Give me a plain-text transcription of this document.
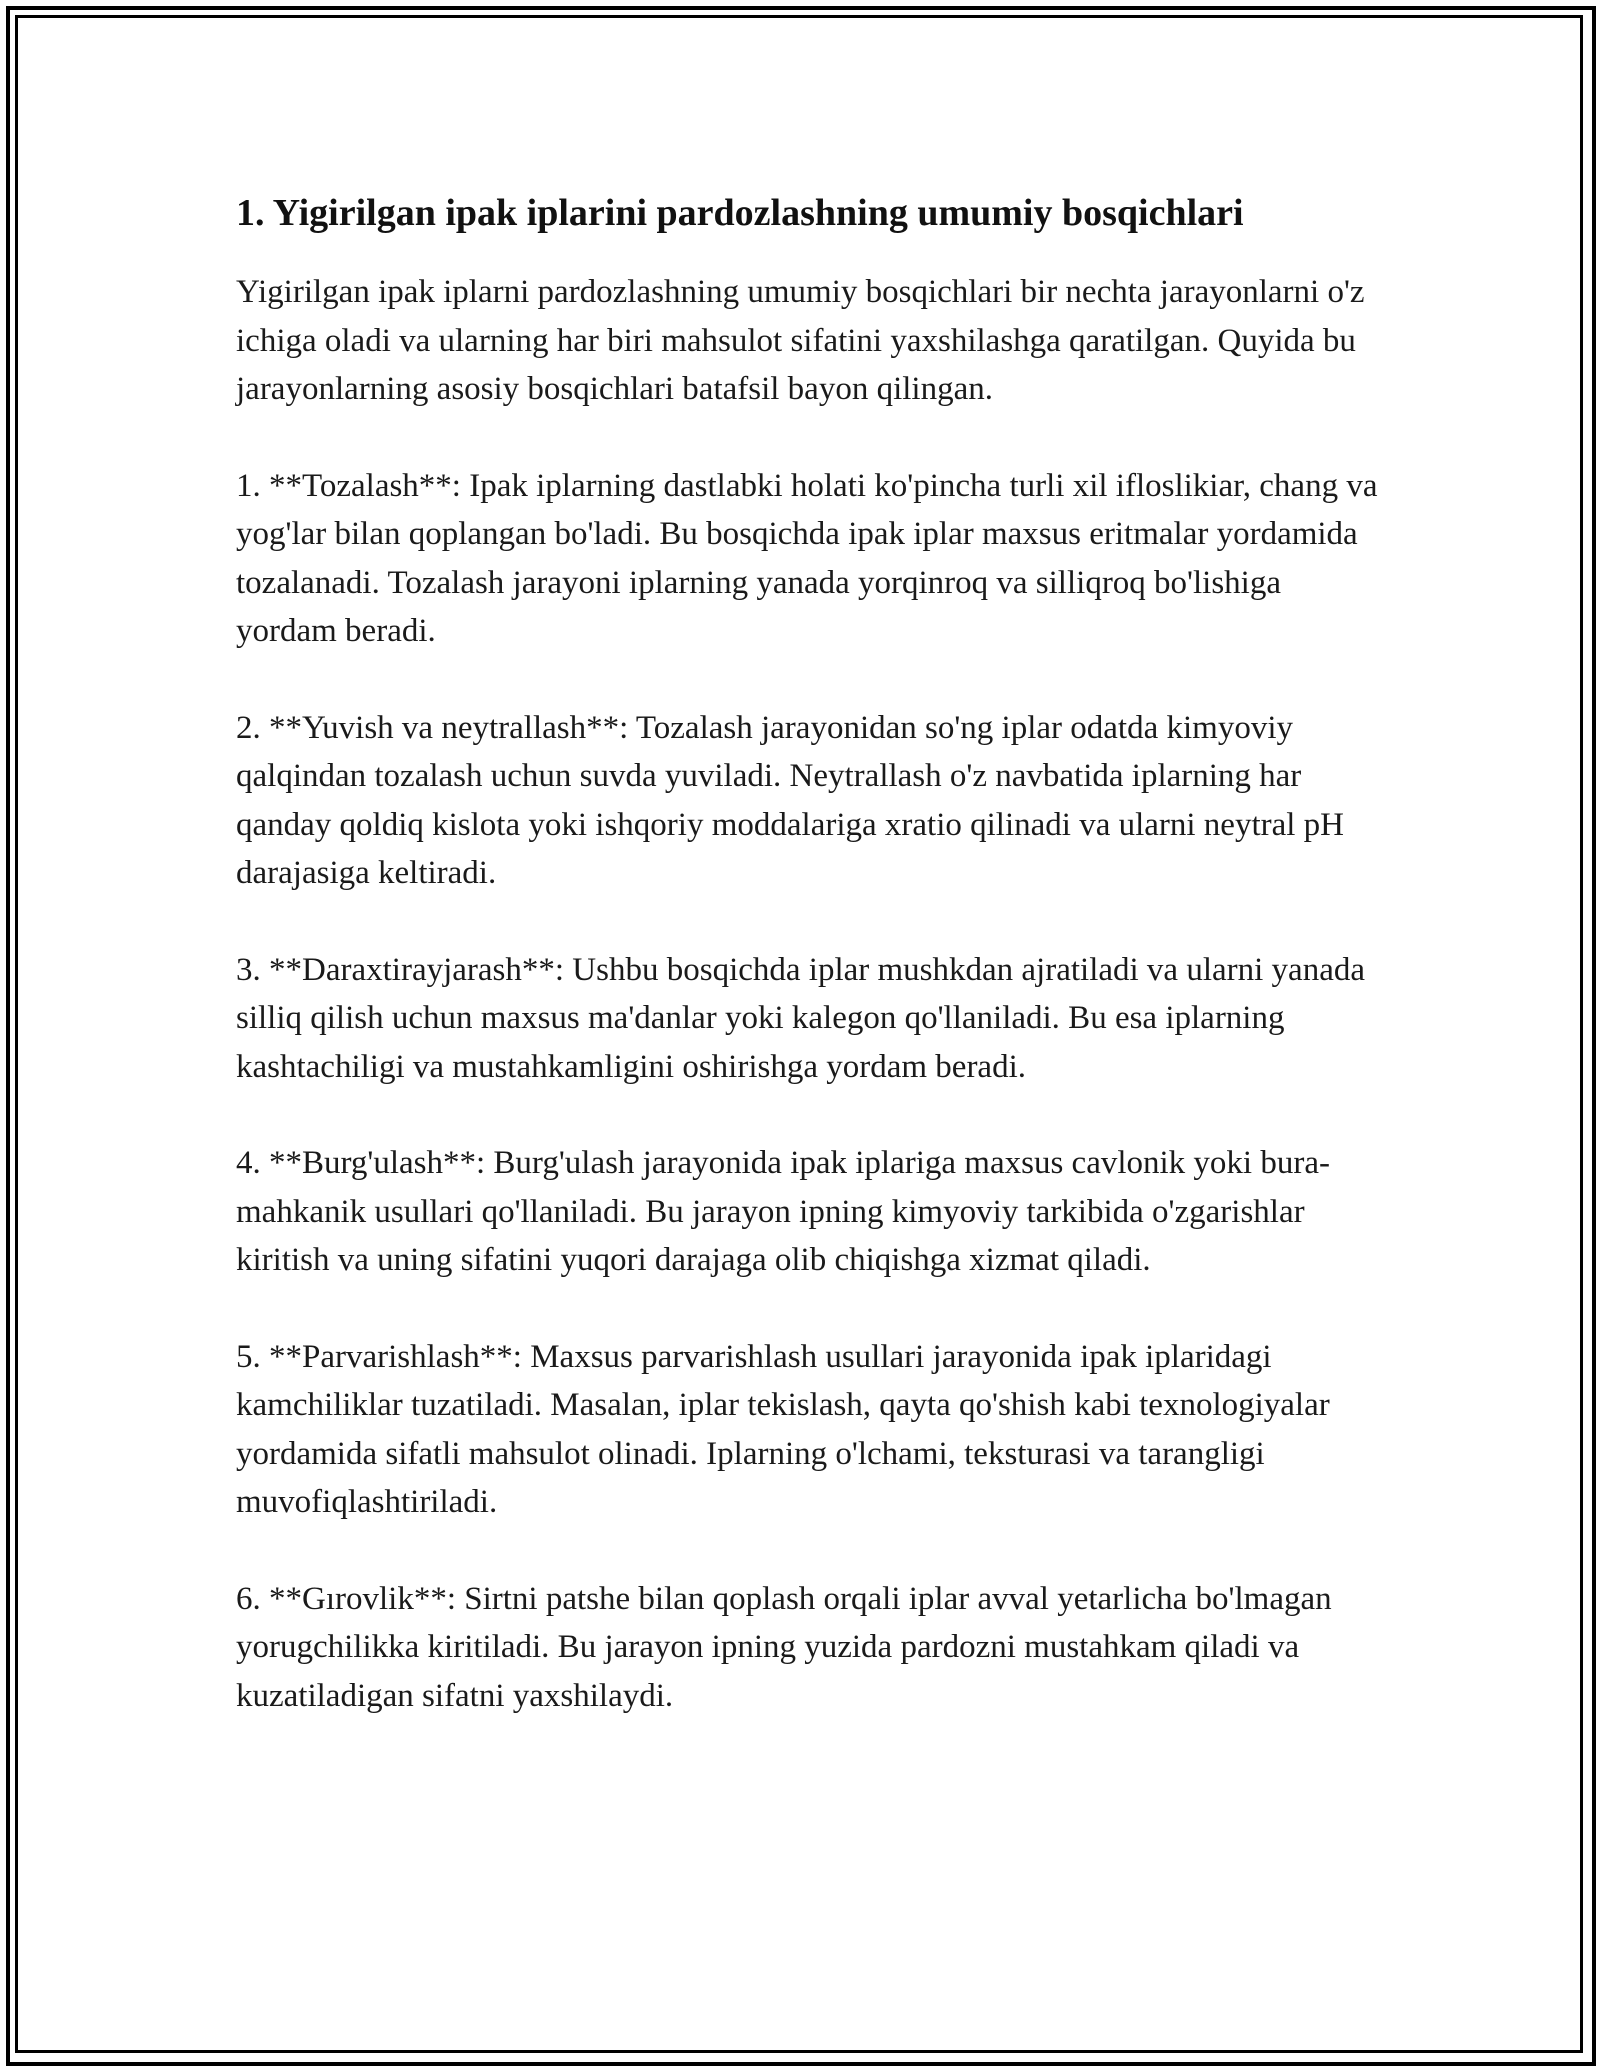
1. Yigirilgan ipak iplarini pardozlashning umumiy bosqichlari

Yigirilgan ipak iplarni pardozlashning umumiy bosqichlari bir nechta jarayonlarni o'z ichiga oladi va ularning har biri mahsulot sifatini yaxshilashga qaratilgan. Quyida bu jarayonlarning asosiy bosqichlari batafsil bayon qilingan.

1. **Tozalash**: Ipak iplarning dastlabki holati ko'pincha turli xil ifloslikiar, chang va yog'lar bilan qoplangan bo'ladi. Bu bosqichda ipak iplar maxsus eritmalar yordamida tozalanadi. Tozalash jarayoni iplarning yanada yorqinroq va silliqroq bo'lishiga yordam beradi.

2. **Yuvish va neytrallash**: Tozalash jarayonidan so'ng iplar odatda kimyoviy qalqindan tozalash uchun suvda yuviladi. Neytrallash o'z navbatida iplarning har qanday qoldiq kislota yoki ishqoriy moddalariga xratio qilinadi va ularni neytral pH darajasiga keltiradi.

3. **Daraxtirayjarash**: Ushbu bosqichda iplar mushkdan ajratiladi va ularni yanada silliq qilish uchun maxsus ma'danlar yoki kalegon qo'llaniladi. Bu esa iplarning kashtachiligi va mustahkamligini oshirishga yordam beradi.

4. **Burg'ulash**: Burg'ulash jarayonida ipak iplariga maxsus cavlonik yoki bura-mahkanik usullari qo'llaniladi. Bu jarayon ipning kimyoviy tarkibida o'zgarishlar kiritish va uning sifatini yuqori darajaga olib chiqishga xizmat qiladi.

5. **Parvarishlash**: Maxsus parvarishlash usullari jarayonida ipak iplaridagi kamchiliklar tuzatiladi. Masalan, iplar tekislash, qayta qo'shish kabi texnologiyalar yordamida sifatli mahsulot olinadi. Iplarning o'lchami, teksturasi va tarangligi muvofiqlashtiriladi.

6. **Gırovlik**: Sirtni patshe bilan qoplash orqali iplar avval yetarlicha bo'lmagan yorugchilikka kiritiladi. Bu jarayon ipning yuzida pardozni mustahkam qiladi va kuzatiladigan sifatni yaxshilaydi.
